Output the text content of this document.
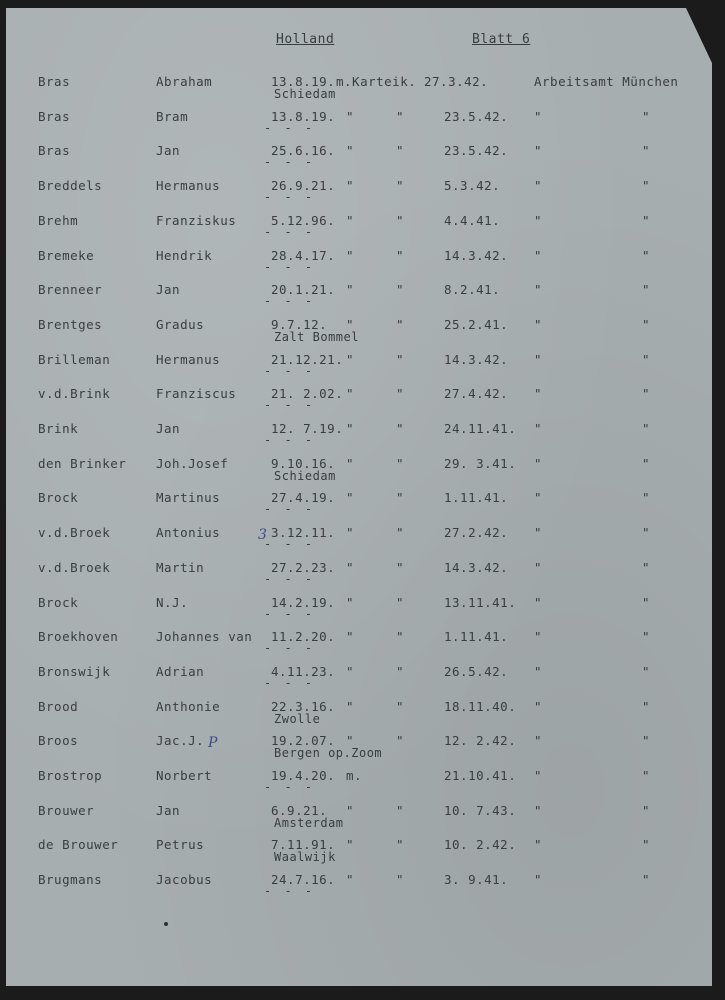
Holland	Blatt 6
Bras	Abraham	13.8.19. m.Karteik. 27.3.42.	Arbeitsamt München
Schiedam
Bras	Bram	13.8.19. "	"	23.5.42. "	"
- - -
Bras	Jan	25.6.16. "	"	23.5.42. "	"
- - -
Breddels	Hermanus	26.9.21. "	"	5.3.42.	"	"
- - -
Brehm	Franziskus	5.12.96. "	"	4.4.41.	"	"
- - -
Bremeke	Hendrik	28.4.17. "	"	14.3.42. "	"
- - -
Brenneer	Jan	20.1.21. "	"	8.2.41.	"	"
- - -
Brentges	Gradus	9.7.12. "	"	25.2.41. "	"
Zalt Bommel
Brilleman	Hermanus	21.12.21. "	"	14.3.42. "	"
- - -
v.d.Brink	Franziscus	21. 2.02. "	"	27.4.42. "	"
- - -
Brink	Jan	12. 7.19. "	"	24.11.41. "	"
- - -
den Brinker Joh.Josef	9.10.16. "	"	29. 3.41. "	"
Schiedam
Brock	Martinus	27.4.19. "	"	1.11.41. "	"
- - -
v.d.Broek	Antonius	3.12.11. "	"	27.2.42. "	"
- - -
v.d.Broek	Martin	27.2.23. "	"	14.3.42. "	"
- - -
Brock	N.J.	14.2.19. "	"	13.11.41. "	"
- - -
Broekhoven	Johannes van 11.2.20. "	"	1.11.41. "	"
- - -
Bronswijk	Adrian	4.11.23. "	"	26.5.42. "	"
- - -
Brood	Anthonie	22.3.16. "	"	18.11.40. "	"
Zwolle
Broos	Jac.J.	19.2.07. "	"	12. 2.42. "	"
Bergen op.Zoom
Brostrop	Norbert	19.4.20. m.	21.10.41. "	"
- - -
Brouwer	Jan	6.9.21. "	"	10. 7.43. "	"
Amsterdam
de Brouwer	Petrus	7.11.91. "	"	10. 2.42. "	"
Waalwijk
Brugmans	Jacobus	24.7.16. "	"	3. 9.41. "	"
- - -
3
P
